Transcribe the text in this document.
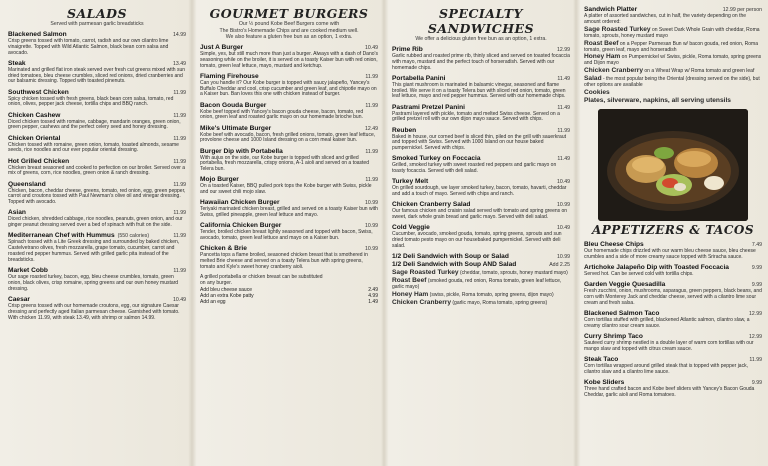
SALADS
Served with parmesan garlic breadsticks
Blackened Salmon	14.99
Crisp greens tossed with tomato, carrot, radish and our own cilantro lime vinaigrette. Topped with Wild Atlantic Salmon, black bean corn salsa and avocado.
Steak	13.49
Marinated and grilled flat iron steak served over fresh cut greens mixed with sun dried tomatoes, bleu cheese crumbles, sliced red onions, dried cranberries and our balsamic dressing. Topped with toasted pinenuts.
Southwest Chicken	11.99
Spicy chicken tossed with fresh greens, black bean corn salsa, tomato, red onion, olives, pepper jack cheese, tortilla chips and BBQ ranch.
Chicken Cashew	11.99
Diced chicken tossed with romaine, cabbage, mandarin oranges, green onion, green pepper, cashews and the perfect celery seed and honey dressing.
Chicken Oriental	11.99
Chicken tossed with romaine, green onion, tomato, toasted almonds, sesame seeds, rice noodles and our ever popular oriental dressing.
Hot Grilled Chicken	11.99
Chicken breast seasoned and cooked to perfection on our broiler. Served over a mix of greens, corn, rice noodles, green onion & ranch dressing.
Queensland	11.99
Chicken, bacon, cheddar cheese, greens, tomato, red onion, egg, green pepper, carrot and croutons tossed with Paul Newman's olive oil and vinegar dressing. Topped with avocado.
Asian	11.99
Diced chicken, shredded cabbage, rice noodles, peanuts, green onion, and our ginger peanut dressing served over a bed of spinach with fruit on the side.
Mediterranean Chef with Hummus (550 calories)	11.99
Spinach tossed with a Lite Greek dressing and surrounded by baked chicken, Castelvetrano olives, fresh mozzarella, grape tomato, cucumber, carrot and roasted red pepper hummus. Served with grilled garlic pita instead of the breadsticks.
Market Cobb	11.99
Our sage roasted turkey, bacon, egg, bleu cheese crumbles, tomato, green onion, black olives, crisp romaine, spring greens and our own honey mustard dressing.
Caesar	10.49
Crisp greens tossed with our homemade croutons, egg, our signature Caesar dressing and perfectly aged Italian parmesan cheese. Garnished with tomato. With chicken 11.99, with steak 13.49, with shrimp or salmon 14.99.
GOURMET BURGERS
Our ½ pound Kobe Beef Burgers come with
The Bistro's Homemade Chips and are cooked medium well.
We also feature a gluten free bun as an option, 1 extra.
Just A Burger	10.49
Simple, yes, but still much more than just a burger. Always with a dash of Dano's seasoning while on the broiler, it is served on a toasty Kaiser bun with red onion, tomato, green leaf lettuce, mayo, mustard and ketchup.
Flaming Firehouse	11.99
Can you handle it? Our Kobe burger is topped with saucy jalapeño, Yancey's Buffalo Cheddar and cool, crisp cucumber and green leaf, and chipotle mayo on a Kaiser bun. Ban loves this one with chicken instead of burger.
Bacon Gouda Burger	11.99
Kobe beef topped with Yancey's bacon gouda cheese, bacon, tomato, red onion, green leaf and roasted garlic mayo on our homemade brioche bun.
Mike's Ultimate Burger	12.49
Kobe beef with avocado, bacon, fresh grilled onions, tomato, green leaf lettuce, provolone cheese and 1000 Island dressing on a corn meal kaiser bun.
Burger Dip with Portabella	11.99
With aujus on the side, our Kobe burger is topped with sliced and grilled portabella, fresh mozzarella, crispy onions, A-1 aioli and served on a toasted Telera bun.
Mojo Burger	11.99
On a toasted Kaiser, BBQ pulled pork tops the Kobe burger with Swiss, pickle and our sweet chili mojo slaw.
Hawaiian Chicken Burger	10.99
Teriyaki marinated chicken breast, grilled and served on a toasty Kaiser bun with Swiss, grilled pineapple, green leaf lettuce and mayo.
California Chicken Burger	10.99
Tender, broiled chicken breast lightly seasoned and topped with bacon, Swiss, avocado, tomato, green leaf lettuce and mayo on a Kaiser bun.
Chicken & Brie	10.99
Pancetta tops a flame broiled, seasoned chicken breast that is smothered in melted Brie cheese and served on a toasty Telera bun with spring greens, tomato and Kyle's sweet honey cranberry aioli.
A grilled portabella or chicken breast can be substituted
on any burger.
Add bleu cheese sauce	2.49
Add an extra Kobe patty	4.99
Add an egg	1.49
SPECIALTY SANDWICHES
We offer a delicious gluten free bun as an option, 1 extra.
Prime Rib	12.99
Garlic rubbed and roasted prime rib, thinly sliced and served on toasted focaccia with mayo, mustard and the perfect touch of horseradish. Served with our homemade chips.
Portabella Panini	11.49
This giant mushroom is marinated in balsamic vinegar, seasoned and flame broiled. We serve it on a toasty Telera bun with sliced red onion, tomato, green leaf lettuce, mayo and red pepper hummus. Served with our homemade chips.
Pastrami Pretzel Panini	11.49
Pastrami layered with pickle, tomato and melted Swiss cheese. Served on a grilled pretzel roll with our own dijon mayo sauce. Served with chips.
Reuben	11.99
Baked in house, our corned beef is sliced thin, piled on the grill with sauerkraut and topped with Swiss. Served with 1000 Island on our house baked pumpernickel. Served with chips.
Smoked Turkey on Foccacia	11.49
Grilled, smoked turkey with sweet roasted red peppers and garlic mayo on toasty focaccia. Served with deli salad.
Turkey Melt	10.49
On grilled sourdough, we layer smoked turkey, bacon, tomato, havarti, cheddar and add a touch of mayo. Served with chips and ranch.
Chicken Cranberry Salad	10.99
Our famous chicken and craisin salad served with tomato and spring greens on sweet, dark whole grain bread and garlic mayo. Served with deli salad.
Cold Veggie	10.49
Cucumber, avocado, smoked gouda, tomato, spring greens, sprouts and sun dried tomato pesto mayo on our housebaked pumpernickel. Served with deli salad.
1/2 Deli Sandwich with Soup or Salad	10.99
1/2 Deli Sandwich with Soup AND Salad	Add 2.25
Sage Roasted Turkey (cheddar, tomato, sprouts, honey mustard mayo)
Roast Beef (smoked gouda, red onion, Roma tomato, green leaf lettuce, garlic mayo)
Honey Ham (swiss, pickle, Roma tomato, spring greens, dijon mayo)
Chicken Cranberry (garlic mayo, Roma tomato, spring greens)
Sandwich Platter	12.99 per person
A platter of assorted sandwiches, cut in half, the variety depending on the amount ordered:
Sage Roasted Turkey on Sweet Dark Whole Grain with cheddar, Roma tomato, sprouts, honey mustard mayo
Roast Beef on a Pepper Parmesan Bun w/ bacon gouda, red onion, Roma tomato, green leaf, mayo and horseradish
Honey Ham on Pumpernickel w/ Swiss, pickle, Roma tomato, spring greens and Dijon mayo
Chicken Cranberry on a Wheat Wrap w/ Roma tomato and green leaf
Salad - the most popular being the Oriental (dressing served on the side), but other options are available
Cookies
Plates, silverware, napkins, all serving utensils
APPETIZERS & TACOS
Bleu Cheese Chips	7.49
Our homemade chips drizzled with our warm bleu cheese sauce, bleu cheese crumbles and a side of more creamy sauce topped with Sriracha sauce.
Artichoke Jalapeño Dip with Toasted Foccacia	9.99
Served hot. Can be served cold with tortilla chips.
Garden Veggie Quesadilla	9.99
Fresh zucchini, onion, mushrooms, asparagus, green peppers, black beans, and corn with Monterey Jack and cheddar cheese, served with a cilantro lime sour cream and fresh salsa.
Blackened Salmon Taco	12.99
Corn tortillas stuffed with grilled, blackened Atlantic salmon, cilantro slaw, a creamy cilantro sour cream sauce.
Curry Shrimp Taco	12.99
Sauteed curry shrimp nestled in a double layer of warm corn tortillas with our mango slaw and topped with citrus cream sauce.
Steak Taco	11.99
Corn tortillas wrapped around grilled steak that is topped with pepper jack, cilantro slaw and a cilantro lime sauce.
Kobe Sliders	9.99
Three hand crafted bacon and Kobe beef sliders with Yancey's Bacon Gouda Cheddar, garlic aioli and Roma tomatoes.
